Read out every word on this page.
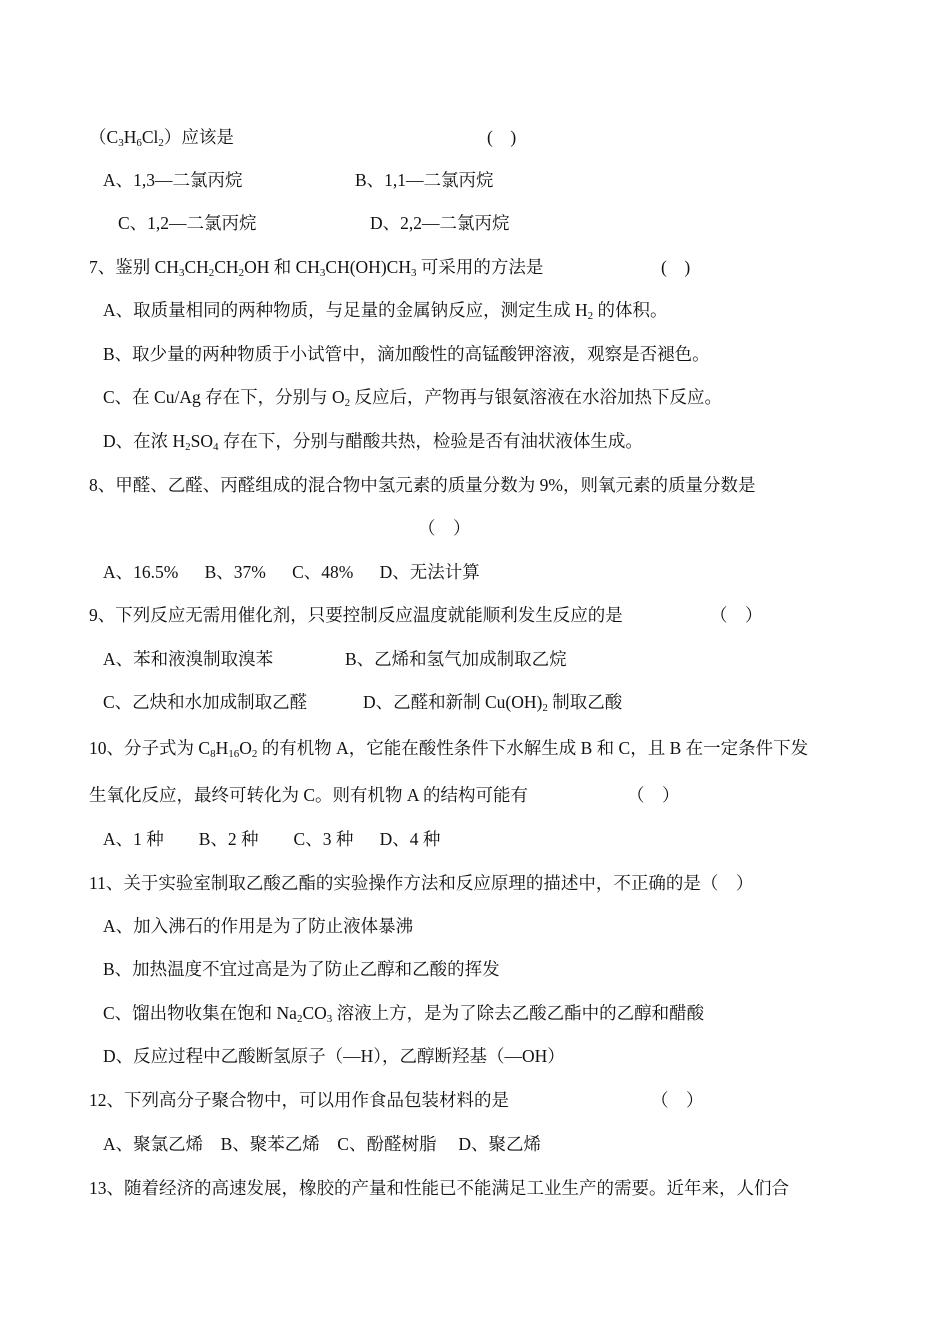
$(C_3H_6Cl_2)$应该是	(    )
A、1,3—二氯丙烷	B、1,1—二氯丙烷
C、1,2—二氯丙烷	D、2,2—二氯丙烷
7、鉴别 $CH_3CH_2CH_2OH$ 和 $CH_3CH(OH)CH_3$ 可采用的方法是	(    )
A、取质量相同的两种物质，与足量的金属钠反应，测定生成 $H_2$ 的体积。
B、取少量的两种物质于小试管中，滴加酸性的高锰酸钾溶液，观察是否褪色。
C、在 Cu/Ag 存在下，分别与 $O_2$ 反应后，产物再与银氨溶液在水浴加热下反应。
D、在浓 $H_2SO_4$ 存在下，分别与醋酸共热，检验是否有油状液体生成。
8、甲醛、乙醛、丙醛组成的混合物中氢元素的质量分数为 9%，则氧元素的质量分数是
（    ）
A、16.5%      B、37%      C、48%      D、无法计算
9、下列反应无需用催化剂，只要控制反应温度就能顺利发生反应的是	（    ）
A、苯和液溴制取溴苯	B、乙烯和氢气加成制取乙烷
C、乙炔和水加成制取乙醛	D、乙醛和新制 $Cu(OH)_2$ 制取乙酸
10、分子式为 $C_8H_{16}O_2$ 的有机物 A，它能在酸性条件下水解生成 B 和 C，且 B 在一定条件下发
生氧化反应，最终可转化为 C。则有机物 A 的结构可能有	（    ）
A、1 种        B、2 种        C、3 种      D、4 种
11、关于实验室制取乙酸乙酯的实验操作方法和反应原理的描述中，不正确的是（    ）
A、加入沸石的作用是为了防止液体暴沸
B、加热温度不宜过高是为了防止乙醇和乙酸的挥发
C、馏出物收集在饱和 $Na_2CO_3$ 溶液上方，是为了除去乙酸乙酯中的乙醇和醋酸
D、反应过程中乙酸断氢原子（—H），乙醇断羟基（—OH）
12、下列高分子聚合物中，可以用作食品包装材料的是	（    ）
A、聚氯乙烯    B、聚苯乙烯    C、酚醛树脂     D、聚乙烯
13、随着经济的高速发展，橡胶的产量和性能已不能满足工业生产的需要。近年来，人们合
